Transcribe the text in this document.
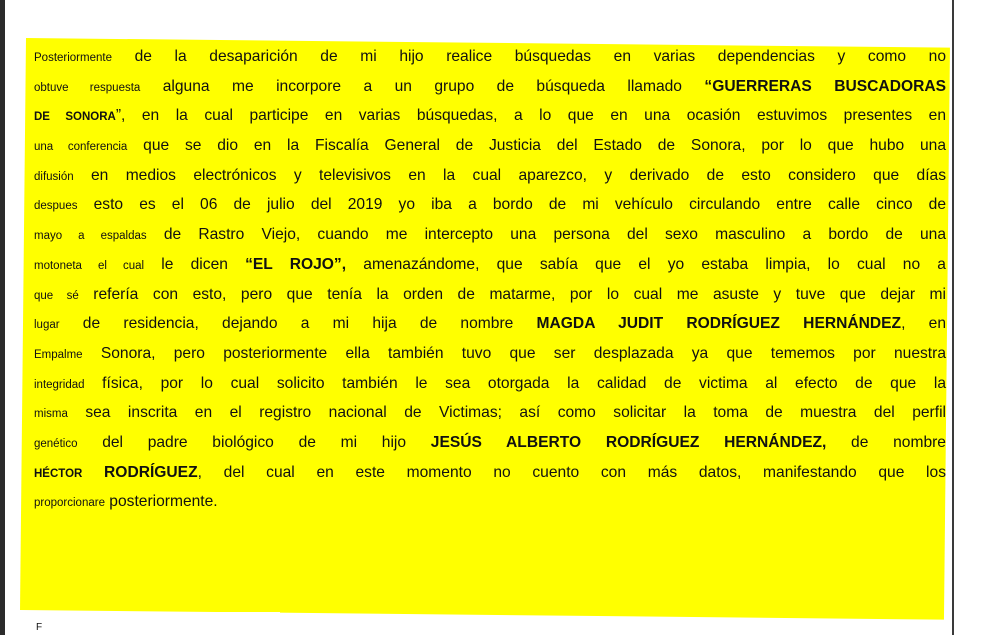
Posteriormente de la desaparición de mi hijo realice búsquedas en varias dependencias y como no
obtuve respuesta alguna me incorpore a un grupo de búsqueda llamado “GUERRERAS BUSCADORAS
DE SONORA”, en la cual participe en varias búsquedas, a lo que en una ocasión estuvimos presentes en
una conferencia que se dio en la Fiscalía General de Justicia del Estado de Sonora, por lo que hubo una
difusión en medios electrónicos y televisivos en la cual aparezco, y derivado de esto considero que días
despues esto es el 06 de julio del 2019 yo iba a bordo de mi vehículo circulando entre calle cinco de
mayo a espaldas de Rastro Viejo, cuando me intercepto una persona del sexo masculino a bordo de una
motoneta el cual le dicen “EL ROJO”, amenazándome, que sabía que el yo estaba limpia, lo cual no a
que sé refería con esto, pero que tenía la orden de matarme, por lo cual me asuste y tuve que dejar mi
lugar de residencia, dejando a mi hija de nombre MAGDA JUDIT RODRÍGUEZ HERNÁNDEZ, en
Empalme Sonora, pero posteriormente ella también tuvo que ser desplazada ya que tememos por nuestra
integridad física, por lo cual solicito también le sea otorgada la calidad de victima al efecto de que la
misma sea inscrita en el registro nacional de Victimas; así como solicitar la toma de muestra del perfil
genético del padre biológico de mi hijo JESÚS ALBERTO RODRÍGUEZ HERNÁNDEZ, de nombre
HÉCTOR RODRÍGUEZ, del cual en este momento no cuento con más datos, manifestando que los
proporcionare posteriormente.
F
